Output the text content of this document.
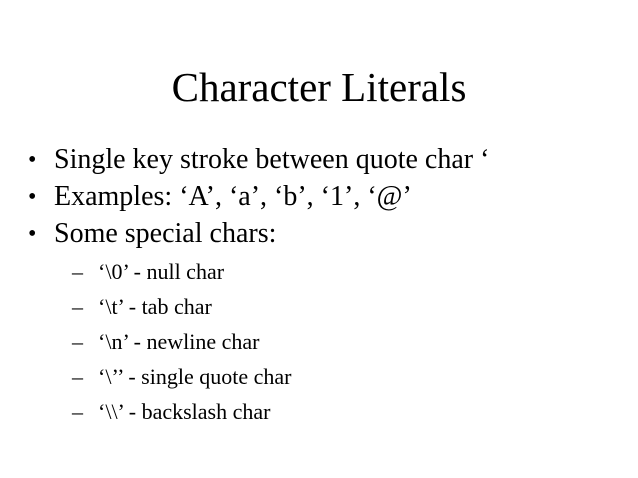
Character Literals
• Single key stroke between quote char ‘
• Examples: ‘A’, ‘a’, ‘b’, ‘1’, ‘@’
• Some special chars:
– ‘\0’ - null char
– ‘\t’ - tab char
– ‘\n’ - newline char
– ‘\’’ - single quote char
– ‘\\’ - backslash char
